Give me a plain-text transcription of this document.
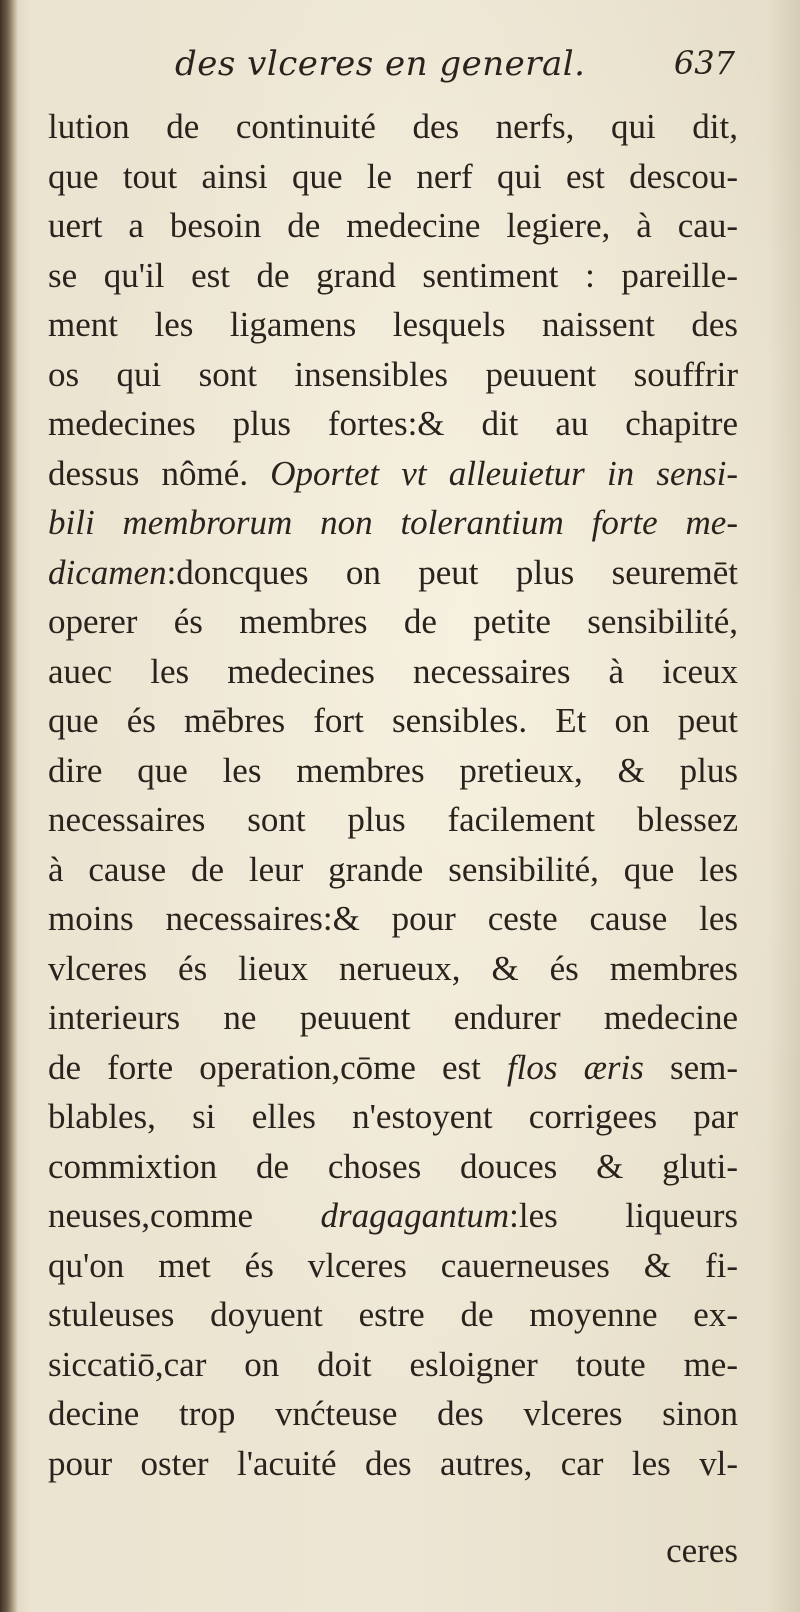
des vlceres en general.	637
lution de continuité des nerfs, qui dit,
que tout ainsi que le nerf qui est descou-
uert a besoin de medecine legiere, à cau-
se qu'il est de grand sentiment : pareille-
ment les ligamens lesquels naissent des
os qui sont insensibles peuuent souffrir
medecines plus fortes:& dit au chapitre
dessus nômé. Oportet vt alleuietur in sensi-
bili membrorum non tolerantium forte me-
dicamen:doncques on peut plus seuremēt
operer és membres de petite sensibilité,
auec les medecines necessaires à iceux
que és mēbres fort sensibles. Et on peut
dire que les membres pretieux, & plus
necessaires sont plus facilement blessez
à cause de leur grande sensibilité, que les
moins necessaires:& pour ceste cause les
vlceres és lieux nerueux, & és membres
interieurs ne peuuent endurer medecine
de forte operation,cōme est flos æris sem-
blables, si elles n'estoyent corrigees par
commixtion de choses douces & gluti-
neuses,comme dragagantum:les liqueurs
qu'on met és vlceres cauerneuses & fi-
stuleuses doyuent estre de moyenne ex-
siccatiō,car on doit esloigner toute me-
decine trop vnćteuse des vlceres sinon
pour oster l'acuité des autres, car les vl-
ceres
